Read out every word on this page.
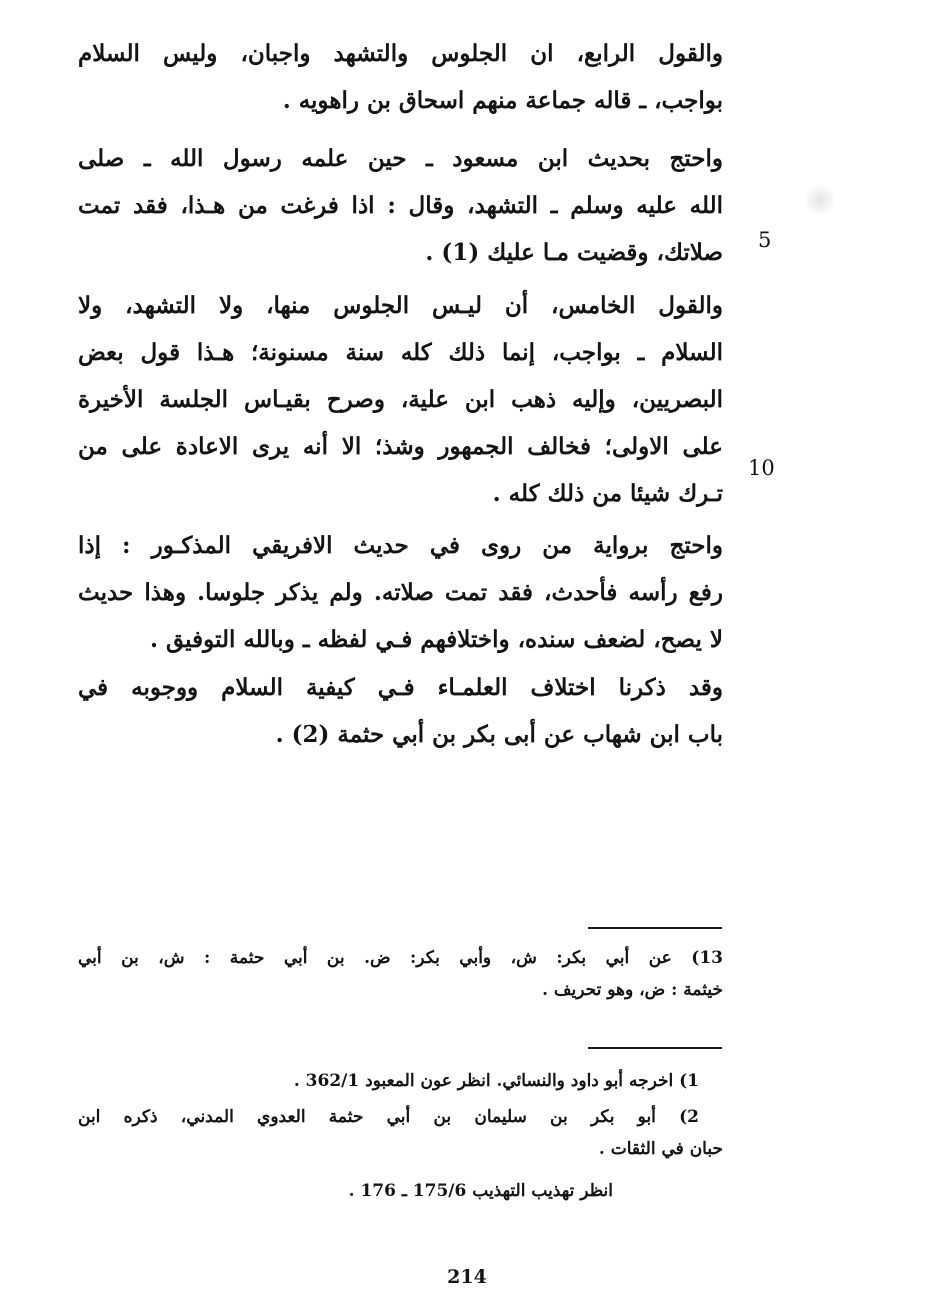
والقول الرابع، ان الجلوس والتشهد واجبان، وليس السلام
بواجب، ـ قاله جماعة منهم اسحاق بن راهويه .
واحتج بحديث ابن مسعود ـ حين علمه رسول الله ـ صلى
الله عليه وسلم ـ التشهد، وقال : اذا فرغت من هـذا، فقد تمت
صلاتك، وقضيت مـا عليك (1) . 5
والقول الخامس، أن ليـس الجلوس منها، ولا التشهد، ولا
السلام ـ بواجب، إنما ذلك كله سنة مسنونة؛ هـذا قول بعض
البصريين، وإليه ذهب ابن علية، وصرح بقيـاس الجلسة الأخيرة
على الاولى؛ فخالف الجمهور وشذ؛ الا أنه يرى الاعادة على من
تـرك شيئا من ذلك كله .
10
واحتج برواية من روى في حديث الافريقي المذكـور : إذا
رفع رأسه فأحدث، فقد تمت صلاته. ولم يذكر جلوسا. وهذا حديث
لا يصح، لضعف سنده، واختلافهم فـي لفظه ـ وبالله التوفيق .
وقد ذكرنا اختلاف العلمـاء فـي كيفية السلام ووجوبه في
باب ابن شهاب عن أبى بكر بن أبي حثمة (2) .
13) عن أبي بكر: ش، وأبي بكر: ض. بن أبي حثمة : ش، بن أبي
خيثمة : ض، وهو تحريف .
1) اخرجه أبو داود والنسائي. انظر عون المعبود 362/1 .
2) أبو بكر بن سليمان بن أبي حثمة العدوي المدني، ذكره ابن
حبان في الثقات .
انظر تهذيب التهذيب 175/6 ـ 176 .
214
